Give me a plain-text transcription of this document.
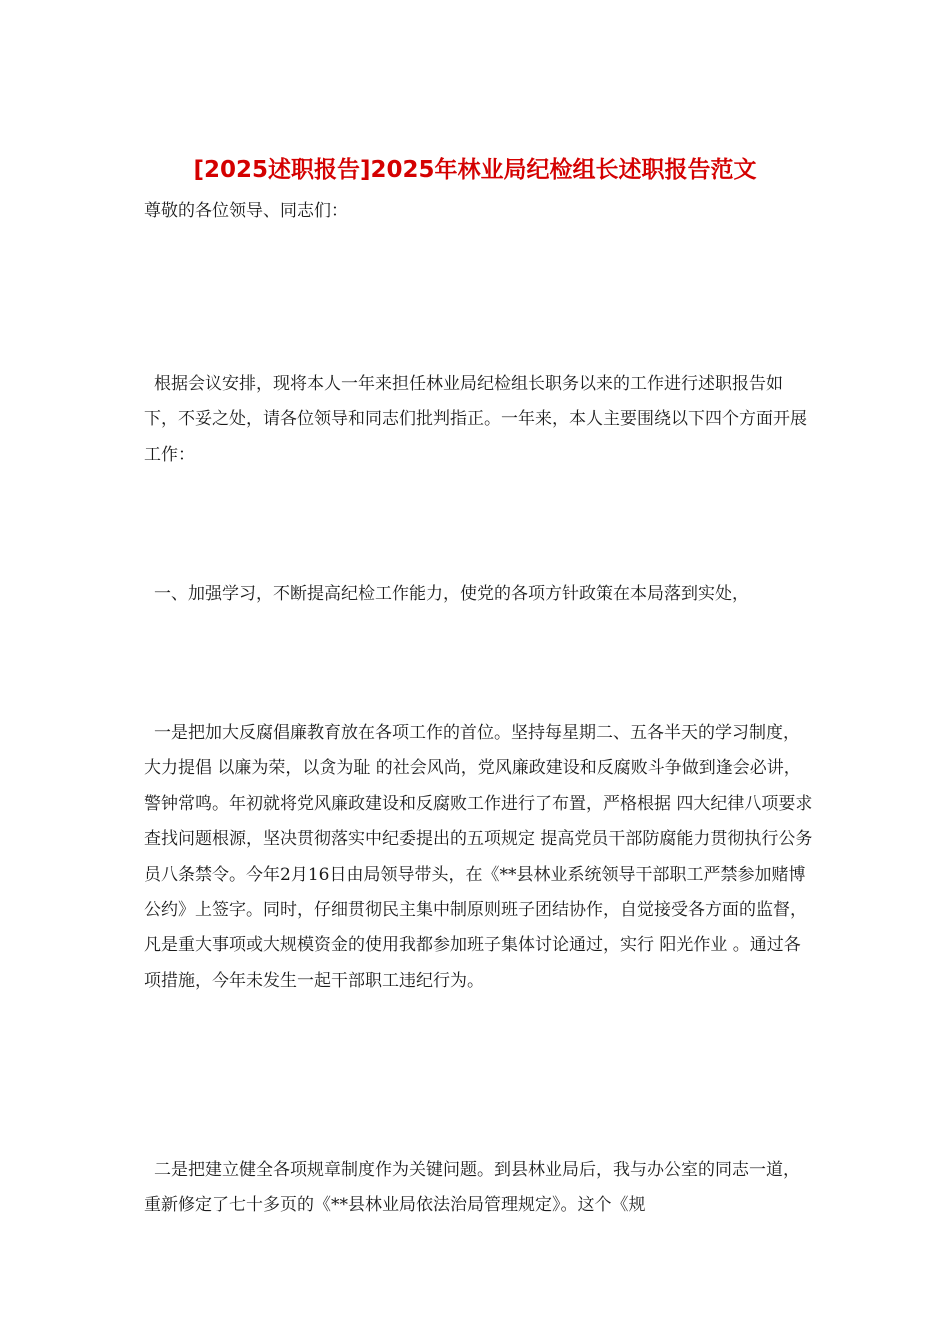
[2025述职报告]2025年林业局纪检组长述职报告范文

尊敬的各位领导、同志们：

根据会议安排，现将本人一年来担任林业局纪检组长职务以来的工作进行述职报告如下，不妥之处，请各位领导和同志们批判指正。一年来，本人主要围绕以下四个方面开展工作：

一、加强学习，不断提高纪检工作能力，使党的各项方针政策在本局落到实处，

一是把加大反腐倡廉教育放在各项工作的首位。坚持每星期二、五各半天的学习制度，大力提倡 以廉为荣，以贪为耻 的社会风尚，党风廉政建设和反腐败斗争做到逢会必讲，警钟常鸣。年初就将党风廉政建设和反腐败工作进行了布置，严格根据 四大纪律八项要求 查找问题根源，坚决贯彻落实中纪委提出的五项规定 提高党员干部防腐能力贯彻执行公务员八条禁令。今年2月16日由局领导带头，在《**县林业系统领导干部职工严禁参加赌博公约》上签字。同时，仔细贯彻民主集中制原则班子团结协作，自觉接受各方面的监督，凡是重大事项或大规模资金的使用我都参加班子集体讨论通过，实行 阳光作业 。通过各项措施，今年未发生一起干部职工违纪行为。

二是把建立健全各项规章制度作为关键问题。到县林业局后，我与办公室的同志一道，重新修定了七十多页的《**县林业局依法治局管理规定》。这个《规
